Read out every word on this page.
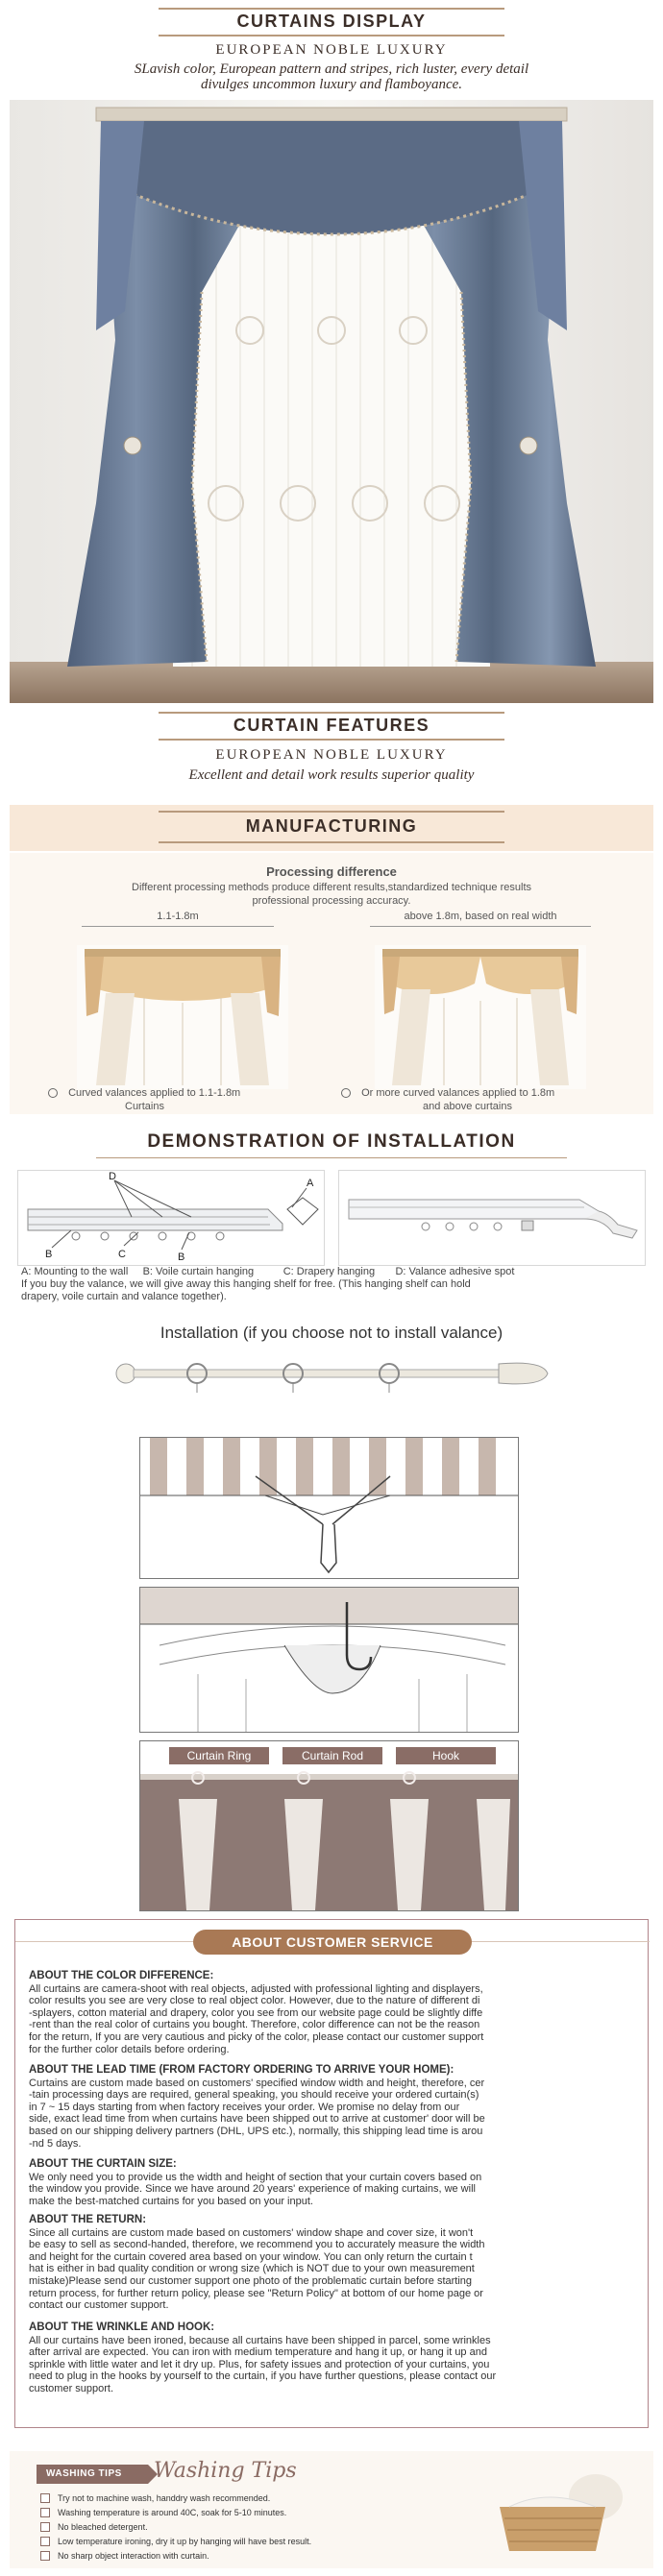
CURTAINS DISPLAY
EUROPEAN NOBLE LUXURY
SLavish color, European pattern and stripes, rich luster, every detail
divulges uncommon luxury and flamboyance.
CURTAIN FEATURES
EUROPEAN NOBLE LUXURY
Excellent and detail work results superior quality
MANUFACTURING
Processing difference
Different processing methods produce different results,standardized technique results
professional processing accuracy.
1.1-1.8m	above 1.8m, based on real width
Curved valances applied to 1.1-1.8m
Curtains
Or more curved valances applied to 1.8m
and above curtains
DEMONSTRATION OF INSTALLATION
D
B	C	B
A
A: Mounting to the wall     B: Voile curtain hanging          C: Drapery hanging       D: Valance adhesive spot
If you buy the valance, we will give away this hanging shelf for free. (This hanging shelf can hold
drapery, voile curtain and valance together).
Installation (if you choose not to install valance)
Curtain Ring	Curtain Rod	Hook
ABOUT CUSTOMER SERVICE
ABOUT THE COLOR DIFFERENCE:
All curtains are camera-shoot with real objects, adjusted with professional lighting and displayers,
color results you see are very close to real object color. However, due to the nature of different di
-splayers, cotton material and drapery, color you see from our website page could be slightly diffe
-rent than the real color of curtains you bought. Therefore, color difference can not be the reason
for the return, If you are very cautious and picky of the color, please contact our customer support
for the further color details before ordering.
ABOUT THE LEAD TIME (FROM FACTORY ORDERING TO ARRIVE YOUR HOME):
Curtains are custom made based on customers' specified window width and height, therefore, cer
-tain processing days are required, general speaking, you should receive your ordered curtain(s)
in 7 ~ 15 days starting from when factory receives your order. We promise no delay from our
side, exact lead time from when curtains have been shipped out to arrive at customer' door will be
based on our shipping delivery partners (DHL, UPS etc.), normally, this shipping lead time is arou
-nd 5 days.
ABOUT THE CURTAIN SIZE:
We only need you to provide us the width and height of section that your curtain covers based on
the window you provide. Since we have around 20 years' experience of making curtains, we will
make the best-matched curtains for you based on your input.
ABOUT THE RETURN:
Since all curtains are custom made based on customers' window shape and cover size, it won't
be easy to sell as second-handed, therefore, we recommend you to accurately measure the width
and height for the curtain covered area based on your window. You can only return the curtain t
hat is either in bad quality condition or wrong size (which is NOT due to your own measurement
mistake)Please send our customer support one photo of the problematic curtain before starting
return process, for further return policy, please see "Return Policy" at bottom of our home page or
contact our customer support.
ABOUT THE WRINKLE AND HOOK:
All our curtains have been ironed, because all curtains have been shipped in parcel, some wrinkles
after arrival are expected. You can iron with medium temperature and hang it up, or hang it up and
sprinkle with little water and let it dry up. Plus, for safety issues and protection of your curtains, you
need to plug in the hooks by yourself to the curtain, if you have further questions, please contact our
customer support.
WASHING TIPS	Washing Tips
Try not to machine wash, handdry wash recommended.
Washing temperature is around 40C, soak for 5-10 minutes.
No bleached detergent.
Low temperature ironing, dry it up by hanging will have best result.
No sharp object interaction with curtain.
